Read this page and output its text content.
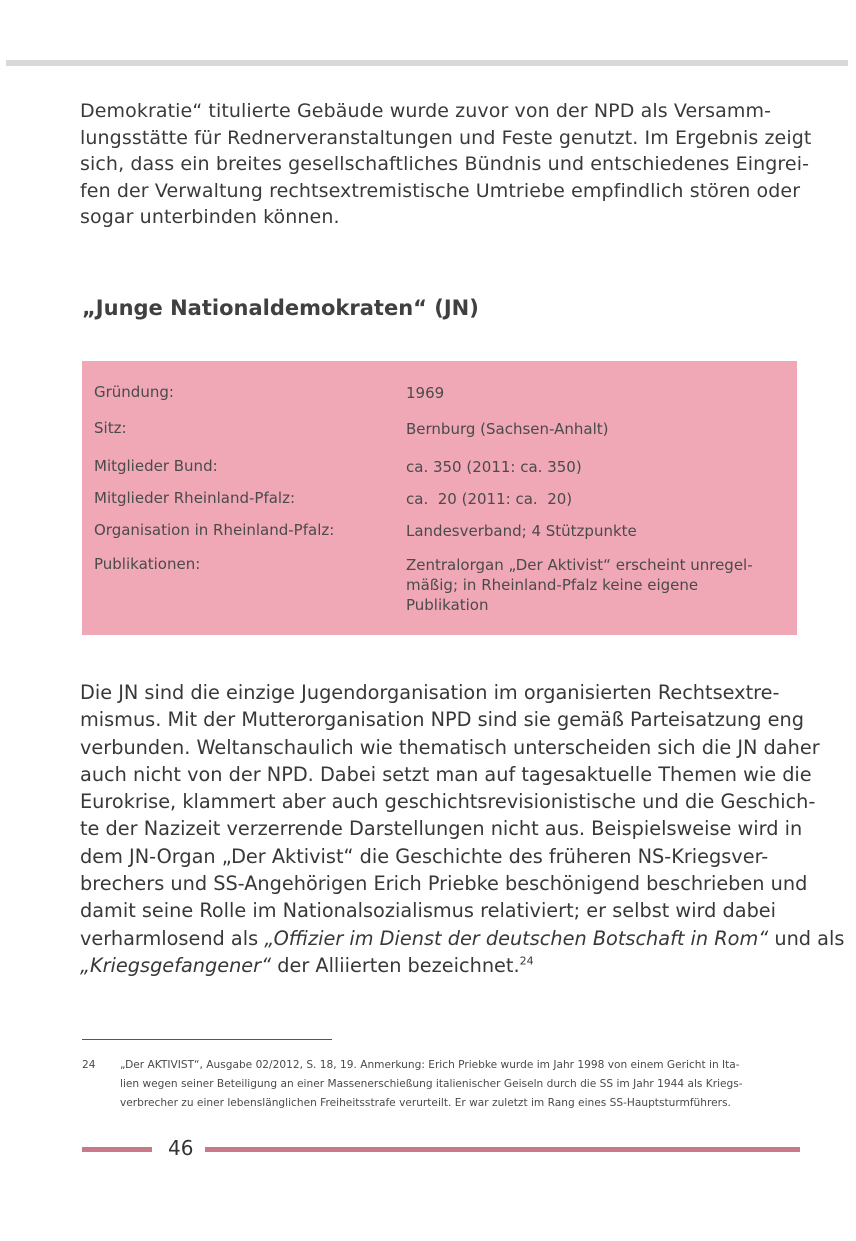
Demokratie“ titulierte Gebäude wurde zuvor von der NPD als Versamm-
lungsstätte für Rednerveranstaltungen und Feste genutzt. Im Ergebnis zeigt
sich, dass ein breites gesellschaftliches Bündnis und entschiedenes Eingrei-
fen der Verwaltung rechtsextremistische Umtriebe empfindlich stören oder
sogar unterbinden können.
„Junge Nationaldemokraten“ (JN)
Gründung:	1969
Sitz:	Bernburg (Sachsen-Anhalt)
Mitglieder Bund:	ca. 350 (2011: ca. 350)
Mitglieder Rheinland-Pfalz:	ca.  20 (2011: ca.  20)
Organisation in Rheinland-Pfalz:	Landesverband; 4 Stützpunkte
Publikationen:	Zentralorgan „Der Aktivist“ erscheint unregel-
mäßig; in Rheinland-Pfalz keine eigene
Publikation
Die JN sind die einzige Jugendorganisation im organisierten Rechtsextre-
mismus. Mit der Mutterorganisation NPD sind sie gemäß Parteisatzung eng
verbunden. Weltanschaulich wie thematisch unterscheiden sich die JN daher
auch nicht von der NPD. Dabei setzt man auf tagesaktuelle Themen wie die
Eurokrise, klammert aber auch geschichtsrevisionistische und die Geschich-
te der Nazizeit verzerrende Darstellungen nicht aus. Beispielsweise wird in
dem JN-Organ „Der Aktivist“ die Geschichte des früheren NS-Kriegsver-
brechers und SS-Angehörigen Erich Priebke beschönigend beschrieben und
damit seine Rolle im Nationalsozialismus relativiert; er selbst wird dabei
verharmlosend als „Offizier im Dienst der deutschen Botschaft in Rom“ und als
„Kriegsgefangener“ der Alliierten bezeichnet.$^{24}$
24 „Der AKTIVIST“, Ausgabe 02/2012, S. 18, 19. Anmerkung: Erich Priebke wurde im Jahr 1998 von einem Gericht in Ita-
lien wegen seiner Beteiligung an einer Massenerschießung italienischer Geiseln durch die SS im Jahr 1944 als Kriegs-
verbrecher zu einer lebenslänglichen Freiheitsstrafe verurteilt. Er war zuletzt im Rang eines SS-Hauptsturmführers.
46
